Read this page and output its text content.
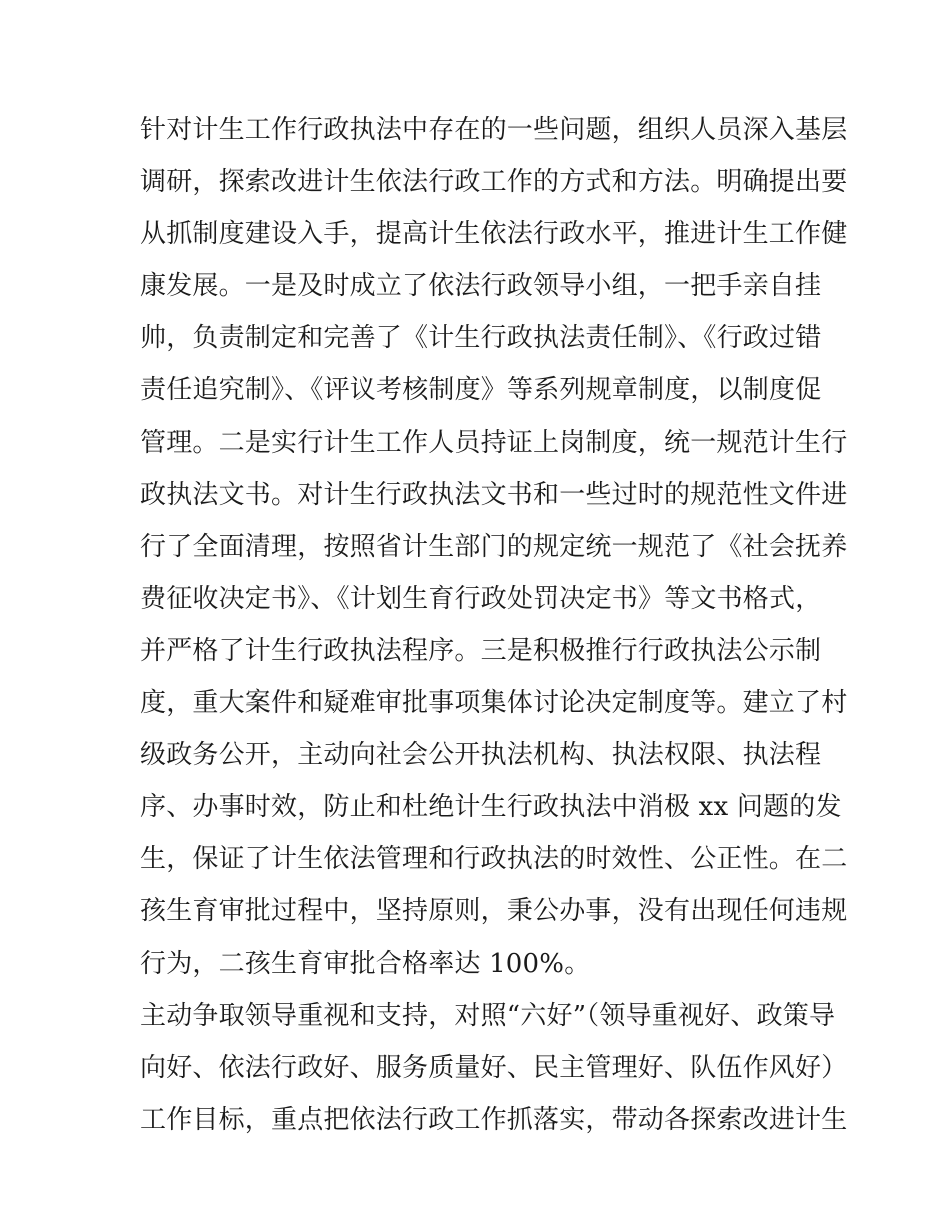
针对计生工作行政执法中存在的一些问题，组织人员深入基层
调研，探索改进计生依法行政工作的方式和方法。明确提出要
从抓制度建设入手，提高计生依法行政水平，推进计生工作健
康发展。一是及时成立了依法行政领导小组，一把手亲自挂
帅，负责制定和完善了《计生行政执法责任制》、《行政过错
责任追究制》、《评议考核制度》等系列规章制度，以制度促
管理。二是实行计生工作人员持证上岗制度，统一规范计生行
政执法文书。对计生行政执法文书和一些过时的规范性文件进
行了全面清理，按照省计生部门的规定统一规范了《社会抚养
费征收决定书》、《计划生育行政处罚决定书》等文书格式，
并严格了计生行政执法程序。三是积极推行行政执法公示制
度，重大案件和疑难审批事项集体讨论决定制度等。建立了村
级政务公开，主动向社会公开执法机构、执法权限、执法程
序、办事时效，防止和杜绝计生行政执法中消极 xx 问题的发
生，保证了计生依法管理和行政执法的时效性、公正性。在二
孩生育审批过程中，坚持原则，秉公办事，没有出现任何违规
行为，二孩生育审批合格率达 100%。
主动争取领导重视和支持，对照“六好”（领导重视好、政策导
向好、依法行政好、服务质量好、民主管理好、队伍作风好）
工作目标，重点把依法行政工作抓落实，带动各探索改进计生
